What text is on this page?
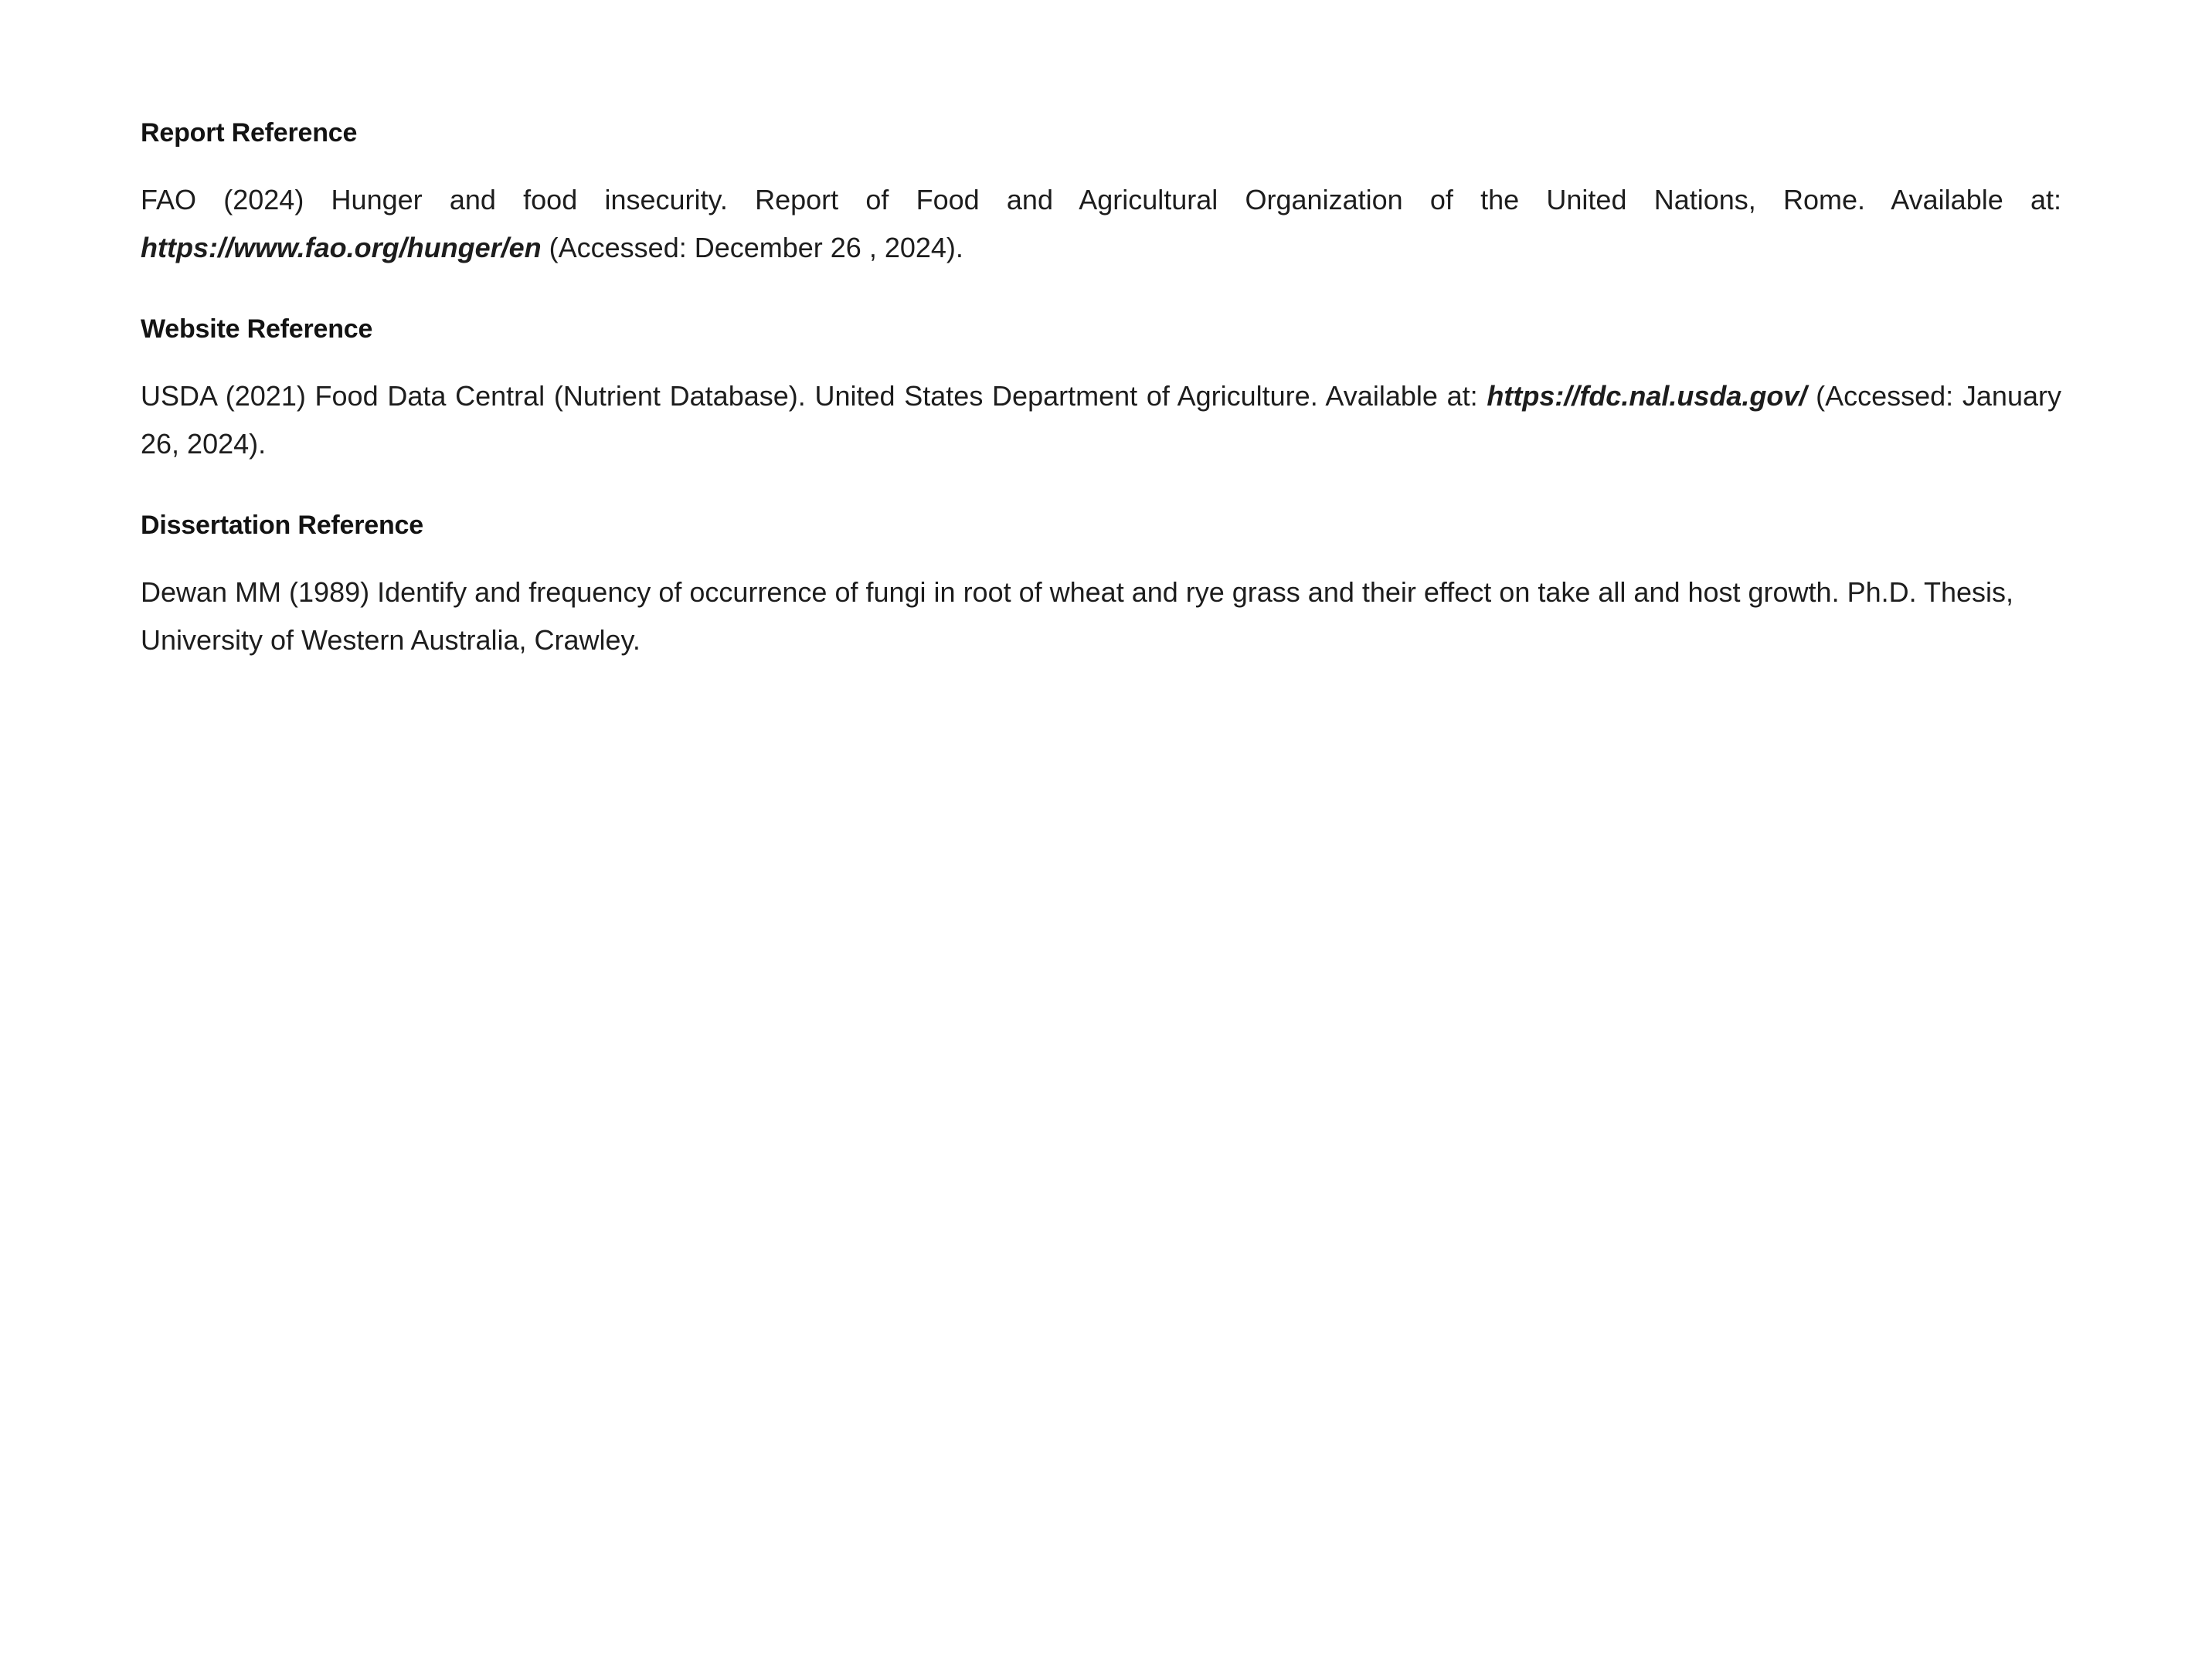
Report Reference

FAO (2024) Hunger and food insecurity. Report of Food and Agricultural Organization of the United Nations, Rome. Available at: https://www.fao.org/hunger/en (Accessed: December 26 , 2024).

Website Reference

USDA (2021) Food Data Central (Nutrient Database). United States Department of Agriculture. Available at: https://fdc.nal.usda.gov/ (Accessed: January 26, 2024).

Dissertation Reference

Dewan MM (1989) Identify and frequency of occurrence of fungi in root of wheat and rye grass and their effect on take all and host growth. Ph.D. Thesis, University of Western Australia, Crawley.
